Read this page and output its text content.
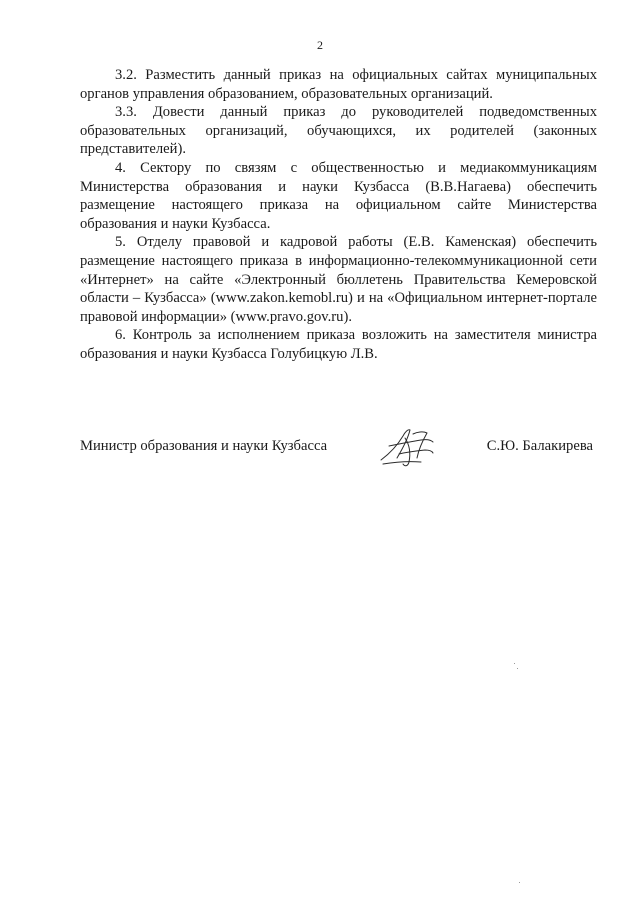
2

3.2. Разместить данный приказ на официальных сайтах муниципальных органов управления образованием, образовательных организаций.

3.3. Довести данный приказ до руководителей подведомственных образовательных организаций, обучающихся, их родителей (законных представителей).

4. Сектору по связям с общественностью и медиакоммуникациям Министерства образования и науки Кузбасса (В.В.Нагаева) обеспечить размещение настоящего приказа на официальном сайте Министерства образования и науки Кузбасса.

5. Отделу правовой и кадровой работы (Е.В. Каменская) обеспечить размещение настоящего приказа в информационно-телекоммуникационной сети «Интернет» на сайте «Электронный бюллетень Правительства Кемеровской области – Кузбасса» (www.zakon.kemobl.ru) и на «Официальном интернет-портале правовой информации» (www.pravo.gov.ru).

6. Контроль за исполнением приказа возложить на заместителя министра образования и науки Кузбасса Голубицкую Л.В.

Министр образования и науки Кузбасса	С.Ю. Балакирева
